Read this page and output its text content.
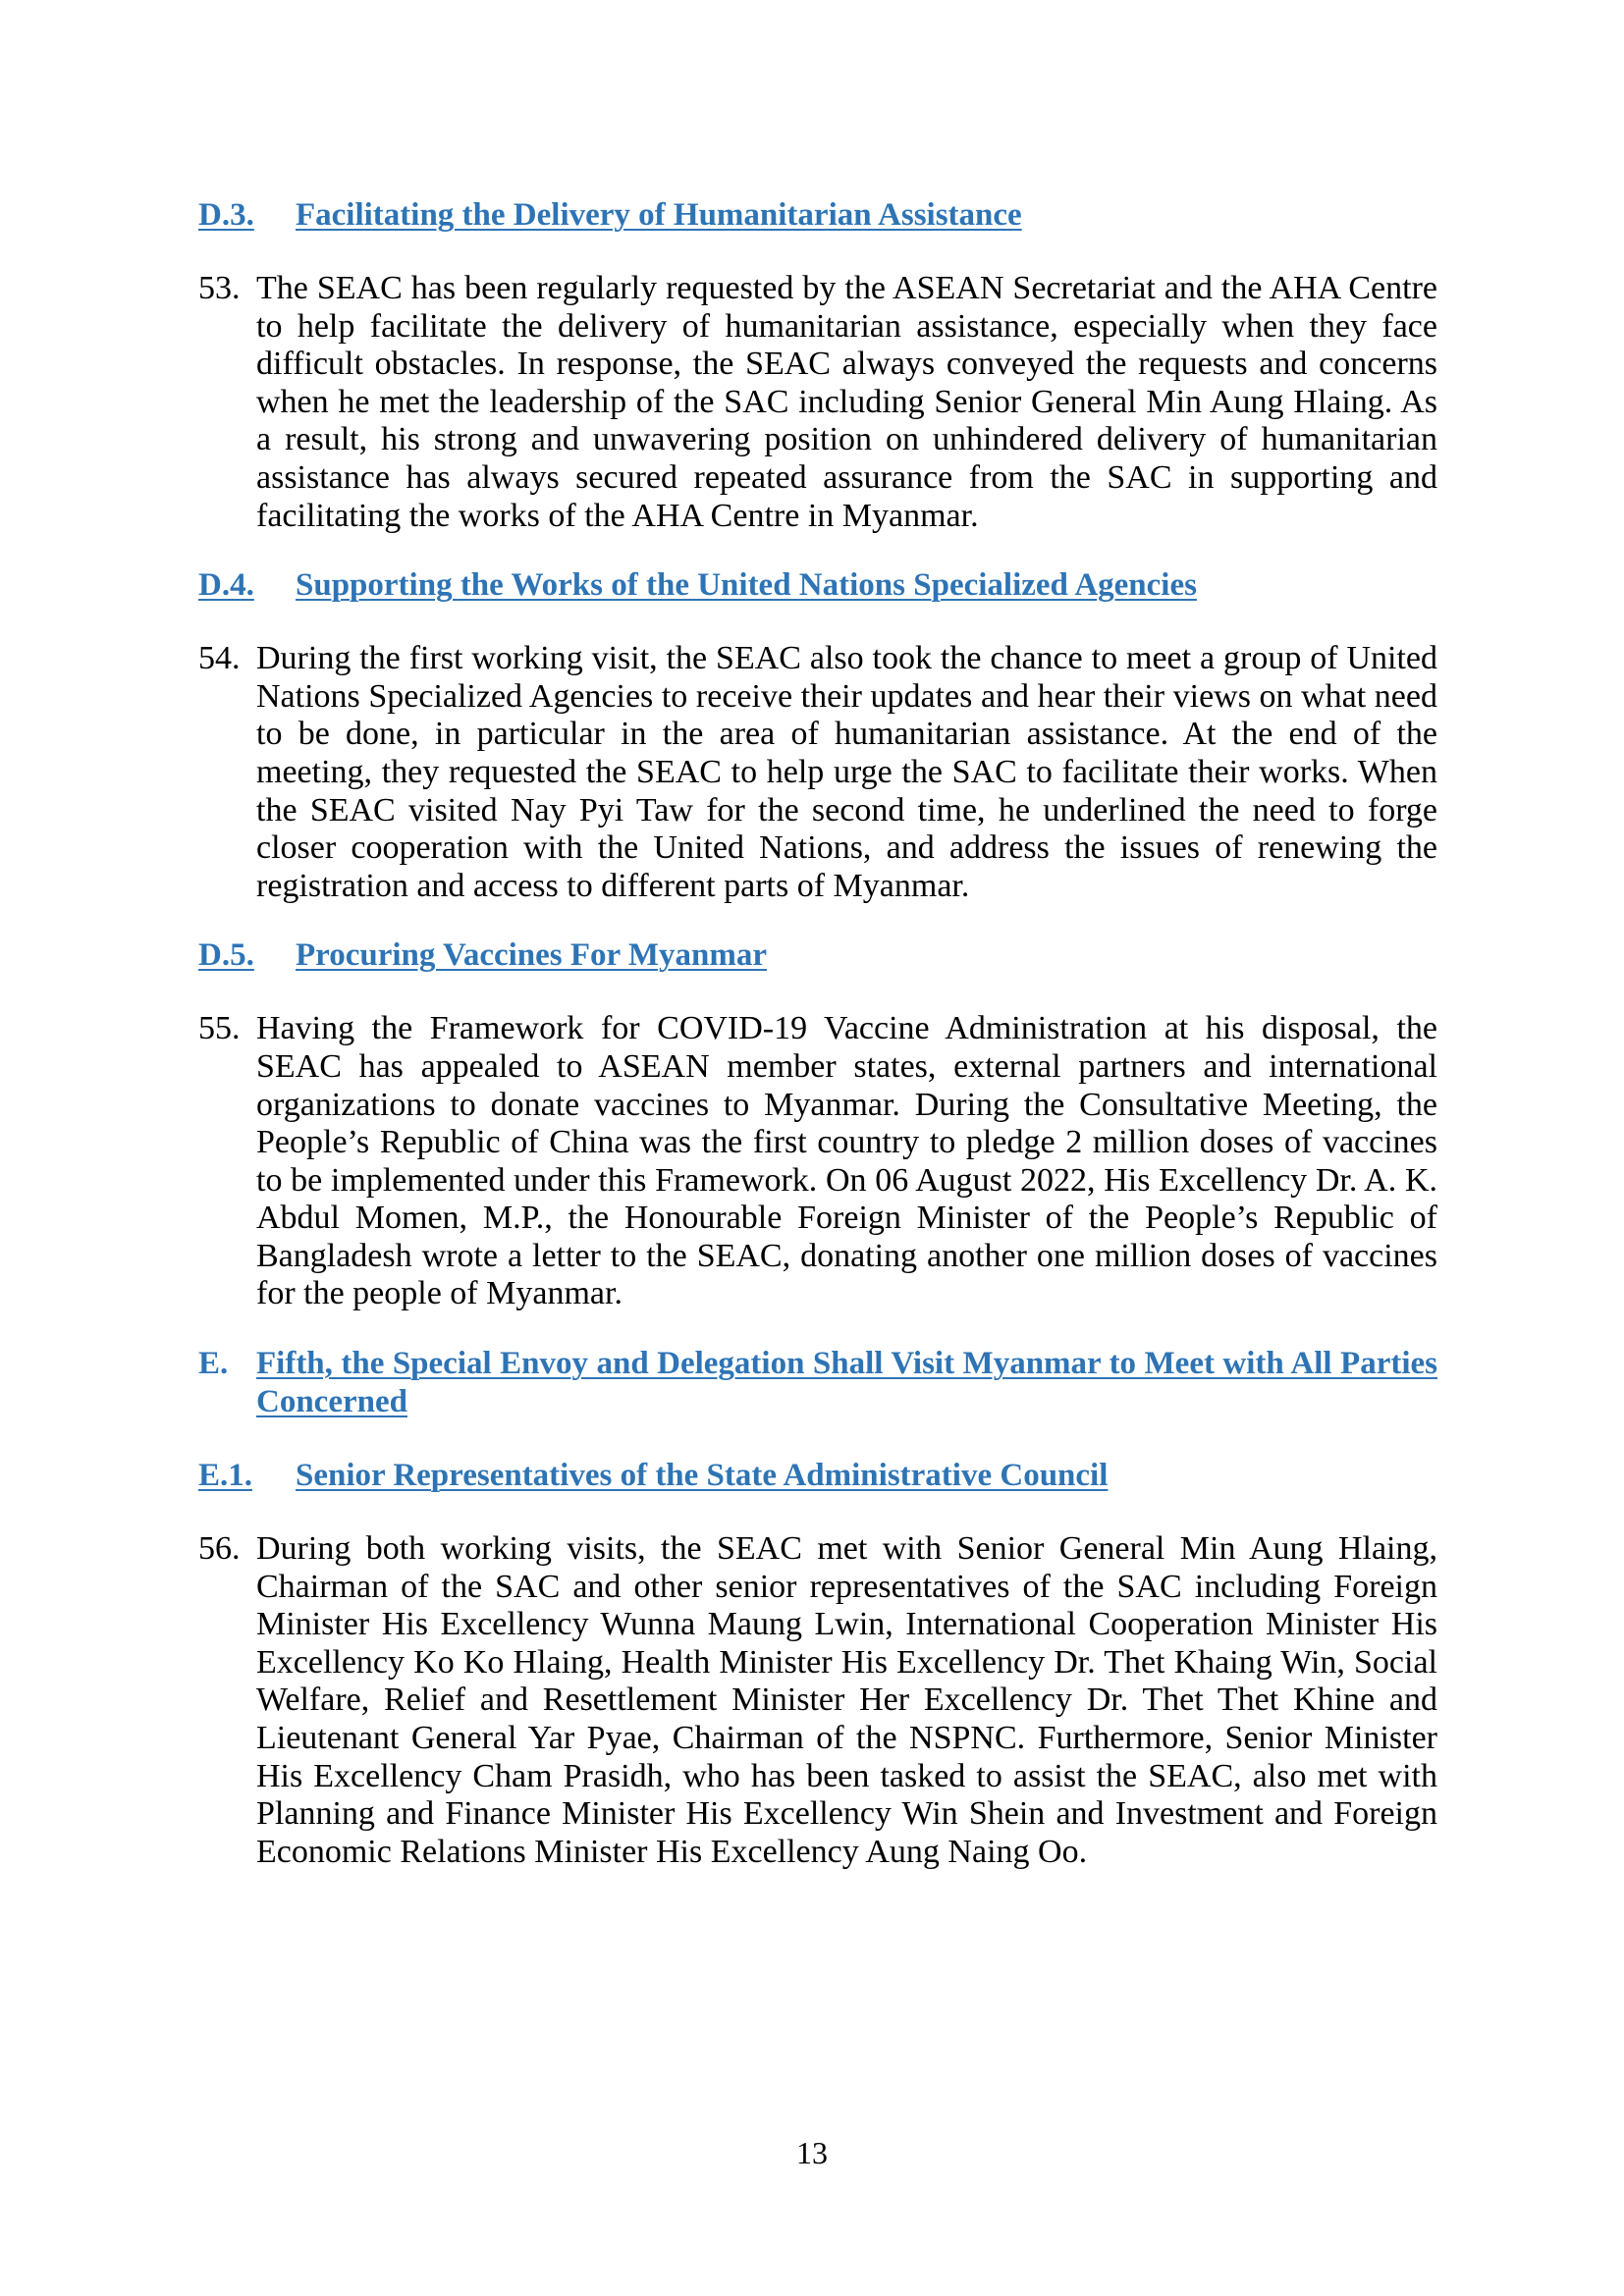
D.3.	Facilitating the Delivery of Humanitarian Assistance
53. The SEAC has been regularly requested by the ASEAN Secretariat and the AHA Centre to help facilitate the delivery of humanitarian assistance, especially when they face difficult obstacles. In response, the SEAC always conveyed the requests and concerns when he met the leadership of the SAC including Senior General Min Aung Hlaing. As a result, his strong and unwavering position on unhindered delivery of humanitarian assistance has always secured repeated assurance from the SAC in supporting and facilitating the works of the AHA Centre in Myanmar.
D.4.	Supporting the Works of the United Nations Specialized Agencies
54. During the first working visit, the SEAC also took the chance to meet a group of United Nations Specialized Agencies to receive their updates and hear their views on what need to be done, in particular in the area of humanitarian assistance. At the end of the meeting, they requested the SEAC to help urge the SAC to facilitate their works. When the SEAC visited Nay Pyi Taw for the second time, he underlined the need to forge closer cooperation with the United Nations, and address the issues of renewing the registration and access to different parts of Myanmar.
D.5.	Procuring Vaccines For Myanmar
55. Having the Framework for COVID-19 Vaccine Administration at his disposal, the SEAC has appealed to ASEAN member states, external partners and international organizations to donate vaccines to Myanmar. During the Consultative Meeting, the People’s Republic of China was the first country to pledge 2 million doses of vaccines to be implemented under this Framework. On 06 August 2022, His Excellency Dr. A. K. Abdul Momen, M.P., the Honourable Foreign Minister of the People’s Republic of Bangladesh wrote a letter to the SEAC, donating another one million doses of vaccines for the people of Myanmar.
E. Fifth, the Special Envoy and Delegation Shall Visit Myanmar to Meet with All Parties Concerned
E.1.	Senior Representatives of the State Administrative Council
56. During both working visits, the SEAC met with Senior General Min Aung Hlaing, Chairman of the SAC and other senior representatives of the SAC including Foreign Minister His Excellency Wunna Maung Lwin, International Cooperation Minister His Excellency Ko Ko Hlaing, Health Minister His Excellency Dr. Thet Khaing Win, Social Welfare, Relief and Resettlement Minister Her Excellency Dr. Thet Thet Khine and Lieutenant General Yar Pyae, Chairman of the NSPNC. Furthermore, Senior Minister His Excellency Cham Prasidh, who has been tasked to assist the SEAC, also met with Planning and Finance Minister His Excellency Win Shein and Investment and Foreign Economic Relations Minister His Excellency Aung Naing Oo.
13
